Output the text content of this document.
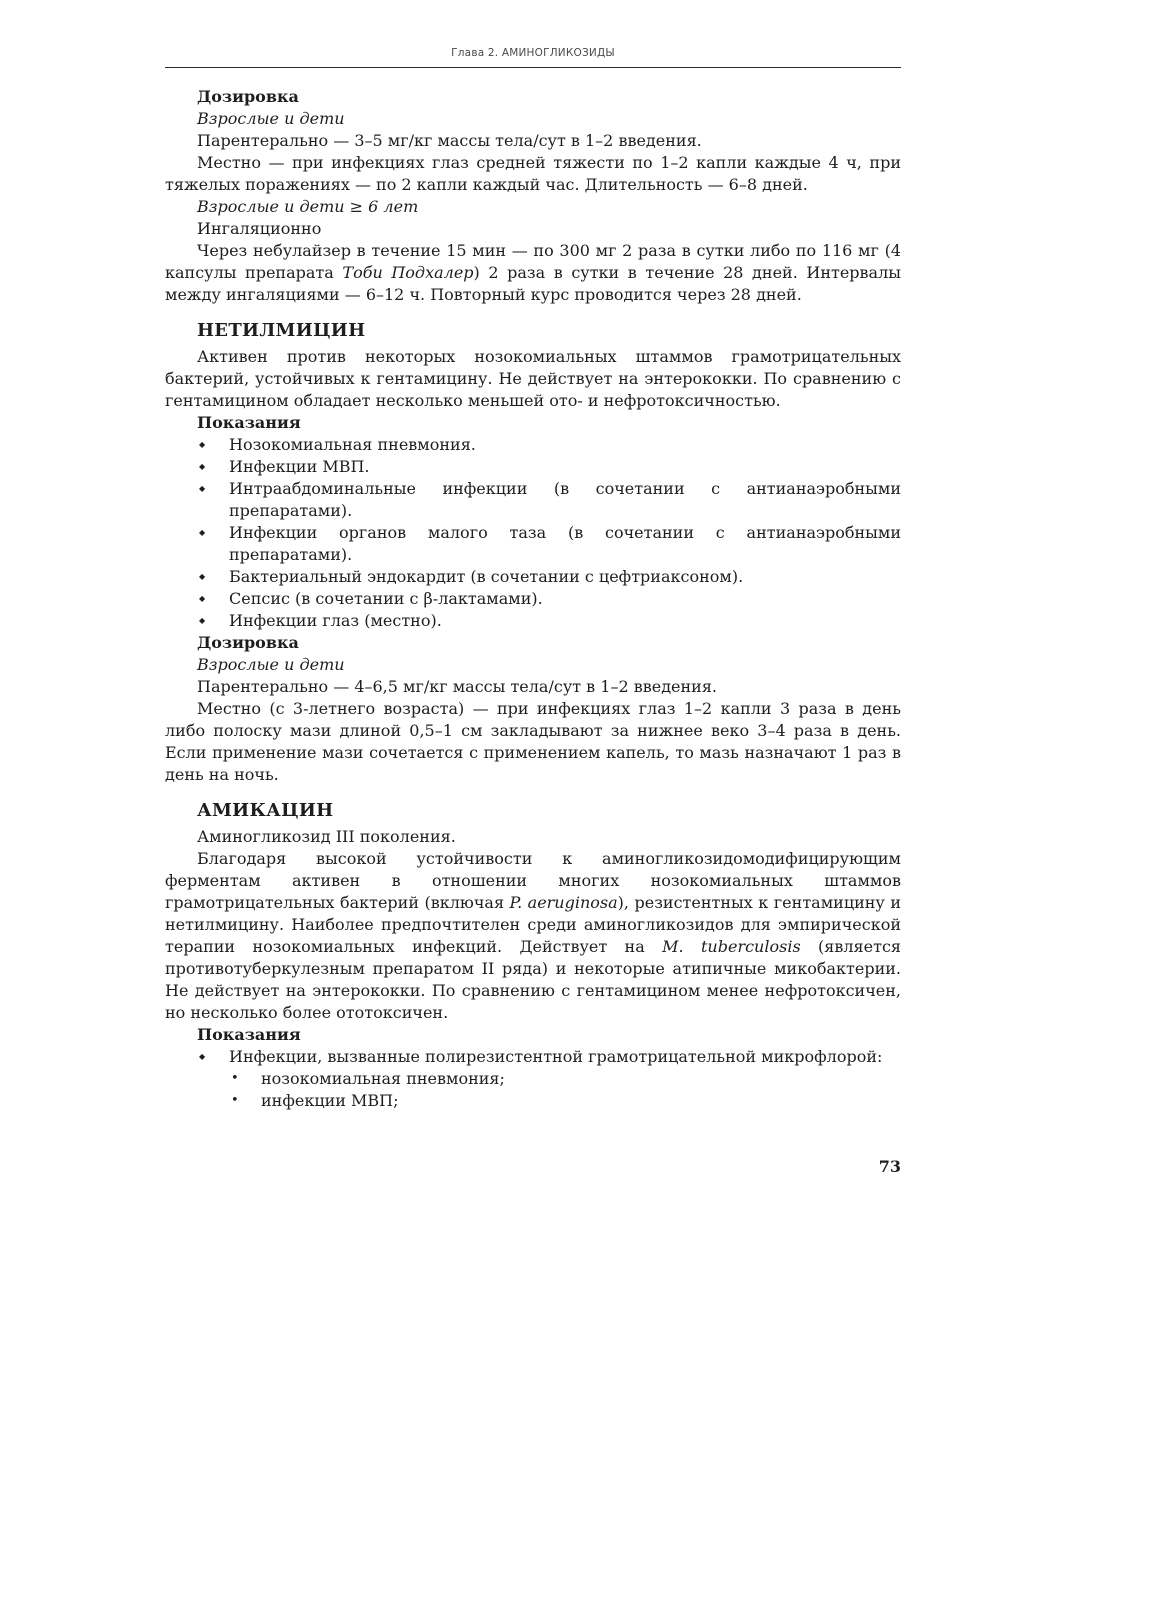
Глава 2. АМИНОГЛИКОЗИДЫ

Дозировка

Взрослые и дети

Парентерально — 3–5 мг/кг массы тела/сут в 1–2 введения.

Местно — при инфекциях глаз средней тяжести по 1–2 капли каждые 4 ч, при тяжелых поражениях — по 2 капли каждый час. Длительность — 6–8 дней.

Взрослые и дети ≥ 6 лет

Ингаляционно

Через небулайзер в течение 15 мин — по 300 мг 2 раза в сутки либо по 116 мг (4 капсулы препарата Тоби Подхалер) 2 раза в сутки в течение 28 дней. Интервалы между ингаляциями — 6–12 ч. Повторный курс проводится через 28 дней.

НЕТИЛМИЦИН

Активен против некоторых нозокомиальных штаммов грамотрицательных бактерий, устойчивых к гентамицину. Не действует на энтерококки. По сравнению с гентамицином обладает несколько меньшей ото- и нефротоксичностью.

Показания

◆ Нозокомиальная пневмония.
◆ Инфекции МВП.
◆ Интраабдоминальные инфекции (в сочетании с антианаэробными препаратами).
◆ Инфекции органов малого таза (в сочетании с антианаэробными препаратами).
◆ Бактериальный эндокардит (в сочетании с цефтриаксоном).
◆ Сепсис (в сочетании с β-лактамами).
◆ Инфекции глаз (местно).

Дозировка

Взрослые и дети

Парентерально — 4–6,5 мг/кг массы тела/сут в 1–2 введения.

Местно (с 3-летнего возраста) — при инфекциях глаз 1–2 капли 3 раза в день либо полоску мази длиной 0,5–1 см закладывают за нижнее веко 3–4 раза в день. Если применение мази сочетается с применением капель, то мазь назначают 1 раз в день на ночь.

АМИКАЦИН

Аминогликозид III поколения.

Благодаря высокой устойчивости к аминогликозидомодифицирующим ферментам активен в отношении многих нозокомиальных штаммов грамотрицательных бактерий (включая P. aeruginosa), резистентных к гентамицину и нетилмицину. Наиболее предпочтителен среди аминогликозидов для эмпирической терапии нозокомиальных инфекций. Действует на M. tuberculosis (является противотуберкулезным препаратом II ряда) и некоторые атипичные микобактерии. Не действует на энтерококки. По сравнению с гентамицином менее нефротоксичен, но несколько более ототоксичен.

Показания

◆ Инфекции, вызванные полирезистентной грамотрицательной микрофлорой:
• нозокомиальная пневмония;
• инфекции МВП;
73
